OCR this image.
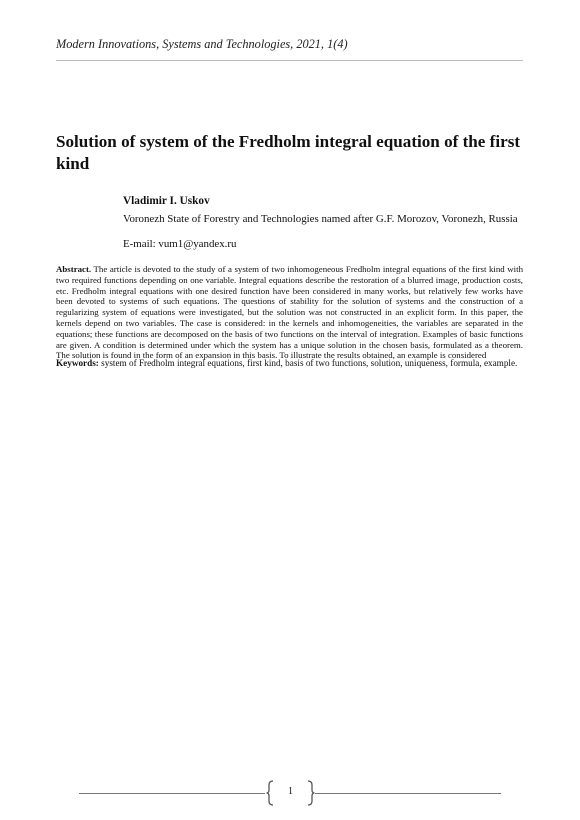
Modern Innovations, Systems and Technologies, 2021, 1(4)
Solution of system of the Fredholm integral equation of the first kind
Vladimir I. Uskov
Voronezh State of Forestry and Technologies named after G.F. Morozov, Voronezh, Russia
E-mail: vum1@yandex.ru
Abstract. The article is devoted to the study of a system of two inhomogeneous Fredholm integral equations of the first kind with two required functions depending on one variable. Integral equations describe the restoration of a blurred image, production costs, etc. Fredholm integral equations with one desired function have been considered in many works, but relatively few works have been devoted to systems of such equations. The questions of stability for the solution of systems and the construction of a regularizing system of equations were investigated, but the solution was not constructed in an explicit form. In this paper, the kernels depend on two variables. The case is considered: in the kernels and inhomogeneities, the variables are separated in the equations; these functions are decomposed on the basis of two functions on the interval of integration. Examples of basic functions are given. A condition is determined under which the system has a unique solution in the chosen basis, formulated as a theorem. The solution is found in the form of an expansion in this basis. To illustrate the results obtained, an example is considered
Keywords: system of Fredholm integral equations, first kind, basis of two functions, solution, uniqueness, formula, example.
1
